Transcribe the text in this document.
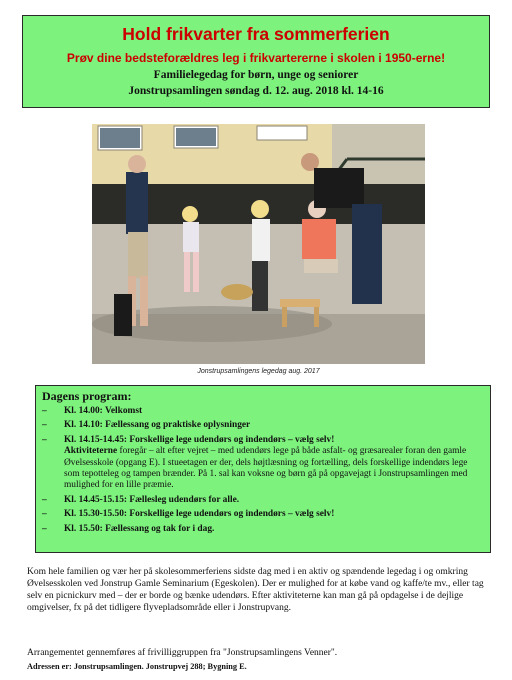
Hold frikvarter fra sommerferien
Prøv dine bedsteforældres leg i frikvartererne i skolen i 1950-erne!
Familielegedag for børn, unge og seniorer
Jonstrupsamlingen søndag d. 12. aug. 2018 kl. 14-16
Jonstrupsamlingens legedag aug. 2017
Dagens program:
–	Kl. 14.00: Velkomst
–	Kl. 14.10: Fællessang og praktiske oplysninger
–	Kl. 14.15-14.45: Forskellige lege udendørs og indendørs – vælg selv!
Aktiviteterne foregår – alt efter vejret – med udendørs lege på både asfalt- og græsarealer foran den gamle Øvelsesskole (opgang E). I stueetagen er der, dels højtlæsning og fortælling, dels forskellige indendørs lege som tepotteleg og tampen brænder. På 1. sal kan voksne og børn gå på opgavejagt i Jonstrupsamlingen med mulighed for en lille præmie.
–	Kl. 14.45-15.15: Fællesleg udendørs for alle.
–	Kl. 15.30-15.50: Forskellige lege udendørs og indendørs – vælg selv!
–	Kl. 15.50: Fællessang og tak for i dag.
Kom hele familien og vær her på skolesommerferiens sidste dag med i en aktiv og spændende legedag i og omkring Øvelsesskolen ved Jonstrup Gamle Seminarium (Egeskolen). Der er mulighed for at købe vand og kaffe/te mv., eller tag selv en picnickurv med – der er borde og bænke udendørs. Efter aktiviteterne kan man gå på opdagelse i de dejlige omgivelser, fx på det tidligere flyvepladsområde eller i Jonstrupvang.
Arrangementet gennemføres af frivilliggruppen fra "Jonstrupsamlingens Venner".
Adressen er: Jonstrupsamlingen. Jonstrupvej 288; Bygning E.
